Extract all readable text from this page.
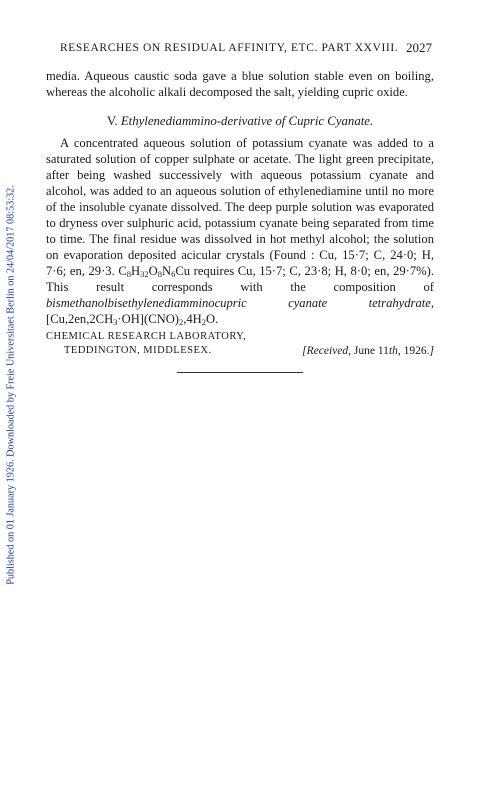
Published on 01 January 1926. Downloaded by Freie Universitaet Berlin on 24/04/2017 08:53:32.
RESEARCHES ON RESIDUAL AFFINITY, ETC. PART XXVIII. 2027

media. Aqueous caustic soda gave a blue solution stable even on boiling, whereas the alcoholic alkali decomposed the salt, yielding cupric oxide.

V. Ethylenediammino-derivative of Cupric Cyanate.

A concentrated aqueous solution of potassium cyanate was added to a saturated solution of copper sulphate or acetate. The light green precipitate, after being washed successively with aqueous potassium cyanate and alcohol, was added to an aqueous solution of ethylenediamine until no more of the insoluble cyanate dissolved. The deep purple solution was evaporated to dryness over sulphuric acid, potassium cyanate being separated from time to time. The final residue was dissolved in hot methyl alcohol; the solution on evaporation deposited acicular crystals (Found : Cu, 15·7; C, 24·0; H, 7·6; en, 29·3. $C_8H_{32}O_8N_6Cu$ requires Cu, 15·7; C, 23·8; H, 8·0; en, 29·7%). This result corresponds with the composition of bismethanolbisethylenediamminocupric cyanate tetrahydrate, $[Cu,2en,2CH_3\cdot OH](CNO)_2,4H_2O$.

CHEMICAL RESEARCH LABORATORY,
TEDDINGTON, MIDDLESEX.	[Received, June 11th, 1926.]
